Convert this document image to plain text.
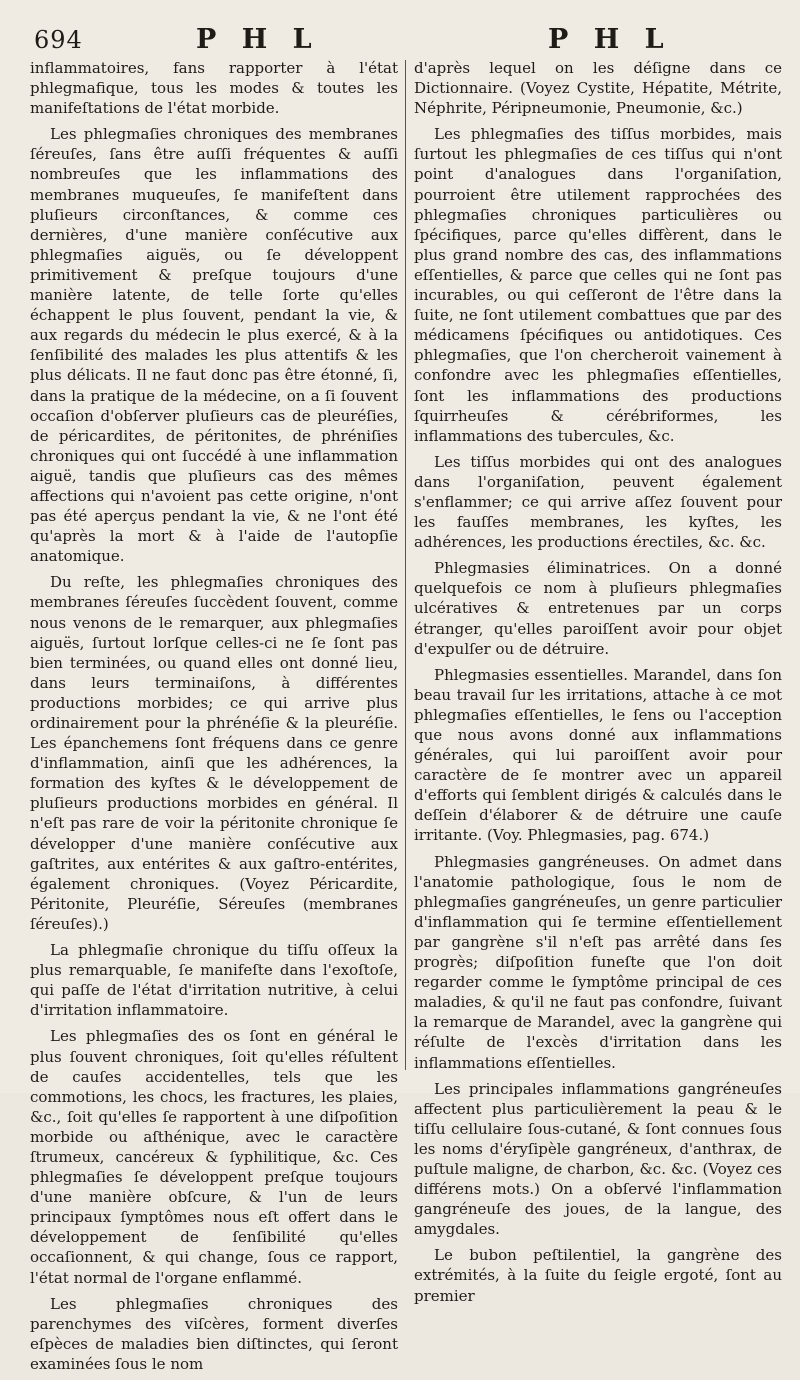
694	P H L	P H L

inflammatoires, fans rapporter à l'état phlegmafique, tous les modes & toutes les manifeſtations de l'état morbide.

Les phlegmaſies chroniques des membranes ſéreuſes, ſans être auſſi fréquentes & auſſi nombreuſes que les inflammations des membranes muqueuſes, ſe manifeſtent dans pluſieurs circonſtances, & comme ces dernières, d'une manière conſécutive aux phlegmaſies aiguës, ou ſe développent primitivement & preſque toujours d'une manière latente, de telle ſorte qu'elles échappent le plus ſouvent, pendant la vie, & aux regards du médecin le plus exercé, & à la ſenſibilité des malades les plus attentifs & les plus délicats. Il ne faut donc pas être étonné, ſi, dans la pratique de la médecine, on a ſi ſouvent occaſion d'obſerver pluſieurs cas de pleuréſies, de péricardites, de péritonites, de phréniſies chroniques qui ont ſuccédé à une inflammation aiguë, tandis que pluſieurs cas des mêmes affections qui n'avoient pas cette origine, n'ont pas été aperçus pendant la vie, & ne l'ont été qu'après la mort & à l'aide de l'autopſie anatomique.

Du reſte, les phlegmaſies chroniques des membranes ſéreuſes ſuccèdent ſouvent, comme nous venons de le remarquer, aux phlegmaſies aiguës, ſurtout lorſque celles-ci ne ſe ſont pas bien terminées, ou quand elles ont donné lieu, dans leurs terminaiſons, à différentes productions morbides; ce qui arrive plus ordinairement pour la phrénéſie & la pleuréſie. Les épanchemens ſont fréquens dans ce genre d'inflammation, ainſi que les adhérences, la formation des kyſtes & le développement de pluſieurs productions morbides en général. Il n'eſt pas rare de voir la péritonite chronique ſe développer d'une manière conſécutive aux gaſtrites, aux entérites & aux gaſtro-entérites, également chroniques. (Voyez Péricardite, Péritonite, Pleuréſie, Séreuſes (membranes ſéreuſes).)

La phlegmaſie chronique du tiſſu oſſeux la plus remarquable, ſe manifeſte dans l'exoſtoſe, qui paſſe de l'état d'irritation nutritive, à celui d'irritation inflammatoire.

Les phlegmaſies des os ſont en général le plus ſouvent chroniques, ſoit qu'elles réſultent de cauſes accidentelles, tels que les commotions, les chocs, les fractures, les plaies, &c., ſoit qu'elles ſe rapportent à une diſpoſition morbide ou aſthénique, avec le caractère ſtrumeux, cancéreux & ſyphilitique, &c. Ces phlegmaſies ſe développent preſque toujours d'une manière obſcure, & l'un de leurs principaux ſymptômes nous eſt offert dans le développement de ſenſibilité qu'elles occaſionnent, & qui change, ſous ce rapport, l'état normal de l'organe enflammé.

Les phlegmaſies chroniques des parenchymes des viſcères, forment diverſes eſpèces de maladies bien diſtinctes, qui ſeront examinées ſous le nom

d'après lequel on les déſigne dans ce Dictionnaire. (Voyez Cystite, Hépatite, Métrite, Néphrite, Péripneumonie, Pneumonie, &c.)

Les phlegmaſies des tiſſus morbides, mais ſurtout les phlegmaſies de ces tiſſus qui n'ont point d'analogues dans l'organiſation, pourroient être utilement rapprochées des phlegmaſies chroniques particulières ou ſpécifiques, parce qu'elles diffèrent, dans le plus grand nombre des cas, des inflammations eſſentielles, & parce que celles qui ne ſont pas incurables, ou qui ceſſeront de l'être dans la ſuite, ne ſont utilement combattues que par des médicamens ſpécifiques ou antidotiques. Ces phlegmaſies, que l'on chercheroit vainement à confondre avec les phlegmaſies eſſentielles, ſont les inflammations des productions ſquirrheuſes & cérébriformes, les inflammations des tubercules, &c.

Les tiſſus morbides qui ont des analogues dans l'organiſation, peuvent également s'enflammer; ce qui arrive aſſez ſouvent pour les fauſſes membranes, les kyſtes, les adhérences, les productions érectiles, &c. &c.

Phlegmasies éliminatrices. On a donné quelquefois ce nom à pluſieurs phlegmaſies ulcératives & entretenues par un corps étranger, qu'elles paroiſſent avoir pour objet d'expulſer ou de détruire.

Phlegmasies essentielles. Marandel, dans ſon beau travail ſur les irritations, attache à ce mot phlegmaſies eſſentielles, le ſens ou l'acception que nous avons donné aux inflammations générales, qui lui paroiſſent avoir pour caractère de ſe montrer avec un appareil d'efforts qui ſemblent dirigés & calculés dans le deſſein d'élaborer & de détruire une cauſe irritante. (Voy. Phlegmasies, pag. 674.)

Phlegmasies gangréneuses. On admet dans l'anatomie pathologique, ſous le nom de phlegmaſies gangréneuſes, un genre particulier d'inflammation qui ſe termine eſſentiellement par gangrène s'il n'eſt pas arrêté dans ſes progrès; diſpoſition funeſte que l'on doit regarder comme le ſymptôme principal de ces maladies, & qu'il ne faut pas confondre, ſuivant la remarque de Marandel, avec la gangrène qui réſulte de l'excès d'irritation dans les inflammations eſſentielles.

Les principales inflammations gangréneuſes affectent plus particulièrement la peau & le tiſſu cellulaire ſous-cutané, & ſont connues ſous les noms d'éryſipèle gangréneux, d'anthrax, de puſtule maligne, de charbon, &c. &c. (Voyez ces différens mots.) On a obſervé l'inflammation gangréneuſe des joues, de la langue, des amygdales.

Le bubon peſtilentiel, la gangrène des extrémités, à la ſuite du ſeigle ergoté, ſont au premier
